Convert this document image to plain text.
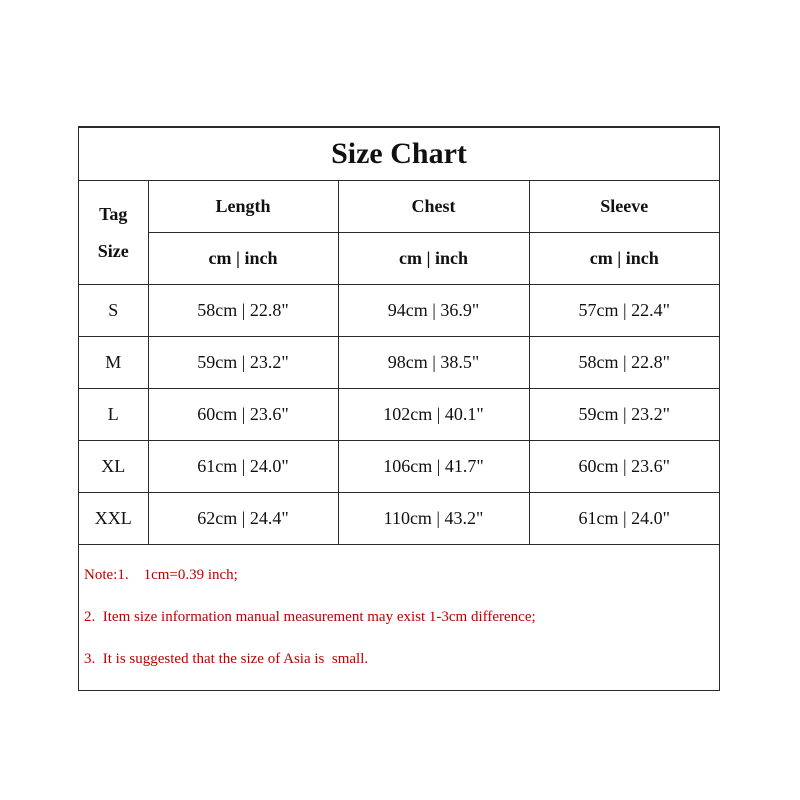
Size Chart			

Tag
Size	Length	Chest	Sleeve
	cm | inch	cm | inch	cm | inch
S	58cm | 22.8"	94cm | 36.9"	57cm | 22.4"
M	59cm | 23.2"	98cm | 38.5"	58cm | 22.8"
L	60cm | 23.6"	102cm | 40.1"	59cm | 23.2"
XL	61cm | 24.0"	106cm | 41.7"	60cm | 23.6"
XXL	62cm | 24.4"	110cm | 43.2"	61cm | 24.0"
Note:1.    1cm=0.39 inch;
2.  Item size information manual measurement may exist 1-3cm difference;
3.  It is suggested that the size of Asia is  small.
